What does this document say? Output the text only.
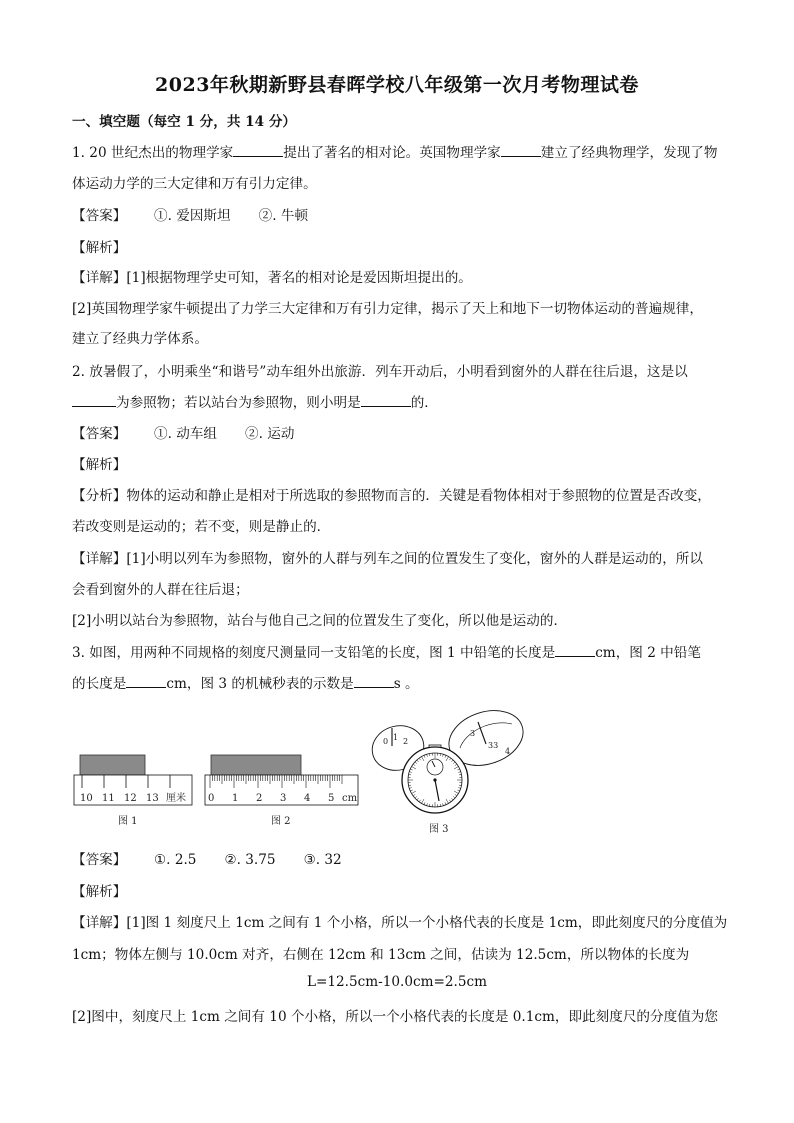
2023年秋期新野县春晖学校八年级第一次月考物理试卷
一、填空题（每空 1 分，共 14 分）
1. 20 世纪杰出的物理学家	提出了著名的相对论。英国物理学家	建立了经典物理学，发现了物
体运动力学的三大定律和万有引力定律。
【答案】 ①. 爱因斯坦 ②. 牛顿
【解析】
【详解】[1]根据物理学史可知，著名的相对论是爱因斯坦提出的。
[2]英国物理学家牛顿提出了力学三大定律和万有引力定律，揭示了天上和地下一切物体运动的普遍规律，
建立了经典力学体系。
2. 放暑假了，小明乘坐“和谐号”动车组外出旅游．列车开动后，小明看到窗外的人群在往后退，这是以
为参照物；若以站台为参照物，则小明是	的．
【答案】 ①. 动车组 ②. 运动
【解析】
【分析】物体的运动和静止是相对于所选取的参照物而言的．关键是看物体相对于参照物的位置是否改变，
若改变则是运动的；若不变，则是静止的．
【详解】[1]小明以列车为参照物，窗外的人群与列车之间的位置发生了变化，窗外的人群是运动的，所以
会看到窗外的人群在往后退；
[2]小明以站台为参照物，站台与他自己之间的位置发生了变化，所以他是运动的．
3. 如图，用两种不同规格的刻度尺测量同一支铅笔的长度，图 1 中铅笔的长度是	cm，图 2 中铅笔
的长度是	cm，图 3 的机械秒表的示数是	s 。
10 11 12 13 厘米
图 1
0 1 2 3 4 5 cm
图 2
0 1 2
3
33
4
图 3
【答案】 ①. 2.5 ②. 3.75 ③. 32
【解析】
【详解】[1]图 1 刻度尺上 1cm 之间有 1 个小格，所以一个小格代表的长度是 1cm，即此刻度尺的分度值为
1cm；物体左侧与 10.0cm 对齐，右侧在 12cm 和 13cm 之间，估读为 12.5cm，所以物体的长度为
L=12.5cm-10.0cm=2.5cm
[2]图中，刻度尺上 1cm 之间有 10 个小格，所以一个小格代表的长度是 0.1cm，即此刻度尺的分度值为您
